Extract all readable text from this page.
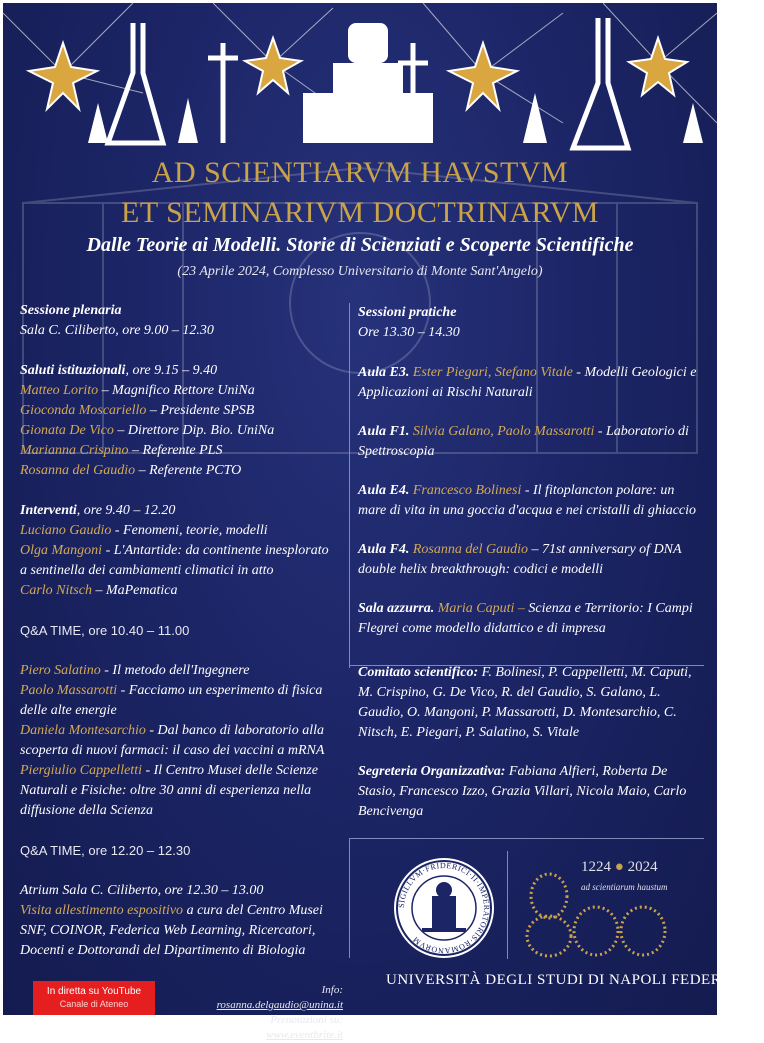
AD SCIENTIARVM HAVSTVM
ET SEMINARIVM DOCTRINARVM
Dalle Teorie ai Modelli. Storie di Scienziati e Scoperte Scientifiche
(23 Aprile 2024, Complesso Universitario di Monte Sant'Angelo)
Sessione plenaria
Sala C. Ciliberto, ore 9.00 – 12.30
Saluti istituzionali, ore 9.15 – 9.40
Matteo Lorito – Magnifico Rettore UniNa
Gioconda Moscariello – Presidente SPSB
Gionata De Vico – Direttore Dip. Bio. UniNa
Marianna Crispino – Referente PLS
Rosanna del Gaudio – Referente PCTO
Interventi, ore 9.40 – 12.20
Luciano Gaudio - Fenomeni, teorie, modelli
Olga Mangoni - L'Antartide: da continente inesplorato
a sentinella dei cambiamenti climatici in atto
Carlo Nitsch – MaPematica
Q&A TIME, ore 10.40 – 11.00
Piero Salatino - Il metodo dell'Ingegnere
Paolo Massarotti - Facciamo un esperimento di fisica
delle alte energie
Daniela Montesarchio - Dal banco di laboratorio alla
scoperta di nuovi farmaci: il caso dei vaccini a mRNA
Piergiulio Cappelletti - Il Centro Musei delle Scienze
Naturali e Fisiche: oltre 30 anni di esperienza nella
diffusione della Scienza
Q&A TIME, ore 12.20 – 12.30
Atrium Sala C. Ciliberto, ore 12.30 – 13.00
Visita allestimento espositivo a cura del Centro Musei
SNF, COINOR, Federica Web Learning, Ricercatori,
Docenti e Dottorandi del Dipartimento di Biologia
Sessioni pratiche
Ore 13.30 – 14.30
Aula E3. Ester Piegari, Stefano Vitale - Modelli Geologici e
Applicazioni ai Rischi Naturali
Aula F1. Silvia Galano, Paolo Massarotti - Laboratorio di
Spettroscopia
Aula E4. Francesco Bolinesi - Il fitoplancton polare: un
mare di vita in una goccia d'acqua e nei cristalli di ghiaccio
Aula F4. Rosanna del Gaudio – 71st anniversary of DNA
double helix breakthrough: codici e modelli
Sala azzurra. Maria Caputi – Scienza e Territorio: I Campi
Flegrei come modello didattico e di impresa
Comitato scientifico: F. Bolinesi, P. Cappelletti, M. Caputi,
M. Crispino, G. De Vico, R. del Gaudio, S. Galano, L.
Gaudio, O. Mangoni, P. Massarotti, D. Montesarchio, C.
Nitsch, E. Piegari, P. Salatino, S. Vitale
Segreteria Organizzativa: Fabiana Alfieri, Roberta De
Stasio, Francesco Izzo, Grazia Villari, Nicola Maio, Carlo
Bencivenga
SIGILLVM·FRIDERICI·II·IMPERATORIS·ROMANORVM
1224 ● 2024
ad scientiarum haustum
UNIVERSITÀ DEGLI STUDI DI NAPOLI FEDERICO II
In diretta su YouTube
Canale di Ateneo
Info: rosanna.delgaudio@unina.it
Prenotazioni su: www.eventbrite.it
